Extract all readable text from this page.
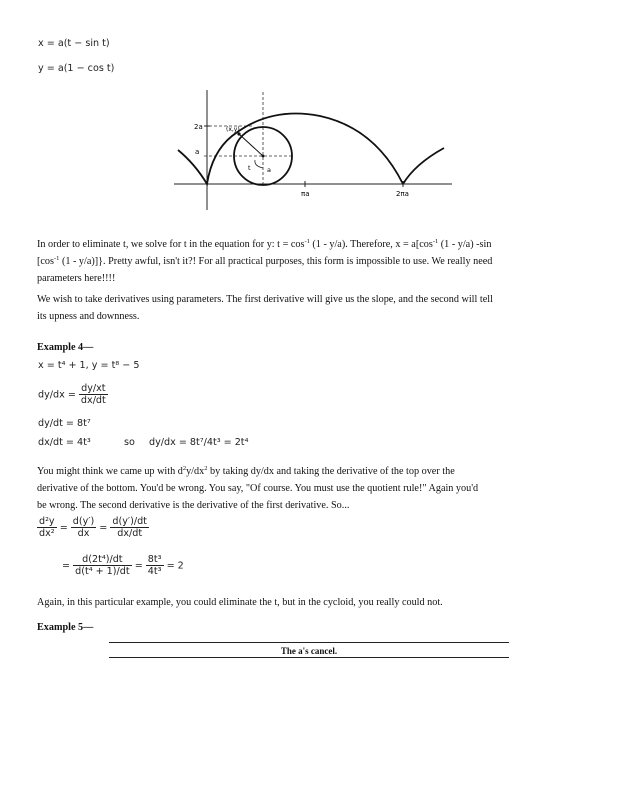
x = a(t − sin t)
y = a(1 − cos t)
2a
a
(x,y)
t	a
πa	2πa
In order to eliminate t, we solve for t in the equation for y: $t = \cos^{-1} (1 - y/a)$. Therefore, $x = a[\cos^{-1}$ (1 - y/a) -sin
[$\cos^{-1}$ (1 - y/a)]}. Pretty awful, isn't it?! For all practical purposes, this form is impossible to use. We really need
parameters here!!!!
We wish to take derivatives using parameters. The first derivative will give us the slope, and the second will tell
its upness and downness.
Example 4—
x = t⁴ + 1, y = t⁸ − 5
$dy/dx = \frac{dy/xt}{dx/dt}$
dy/dt = 8t⁷
dx/dt = 4t³	so dy/dx = 8t⁷/4t³ = 2t⁴
You might think we came up with $d^2y/dx^2$ by taking dy/dx and taking the derivative of the top over the
derivative of the bottom. You'd be wrong. You say, "Of course. You must use the quotient rule!" Again you'd
be wrong. The second derivative is the derivative of the first derivative. So...
$\frac{\text{d²y}}{\text{dx²}} = \frac{d(y')}{dx} = \frac{d(y')/dt}{dx/dt}$
= $\frac{\text{d(2t⁴)/dt}}{\text{d(t⁴ + 1)/dt}} = \frac{\text{8t³}}{\text{4t³}} = 2$
Again, in this particular example, you could eliminate the t, but in the cycloid, you really could not.
Example 5—
The a's cancel.
